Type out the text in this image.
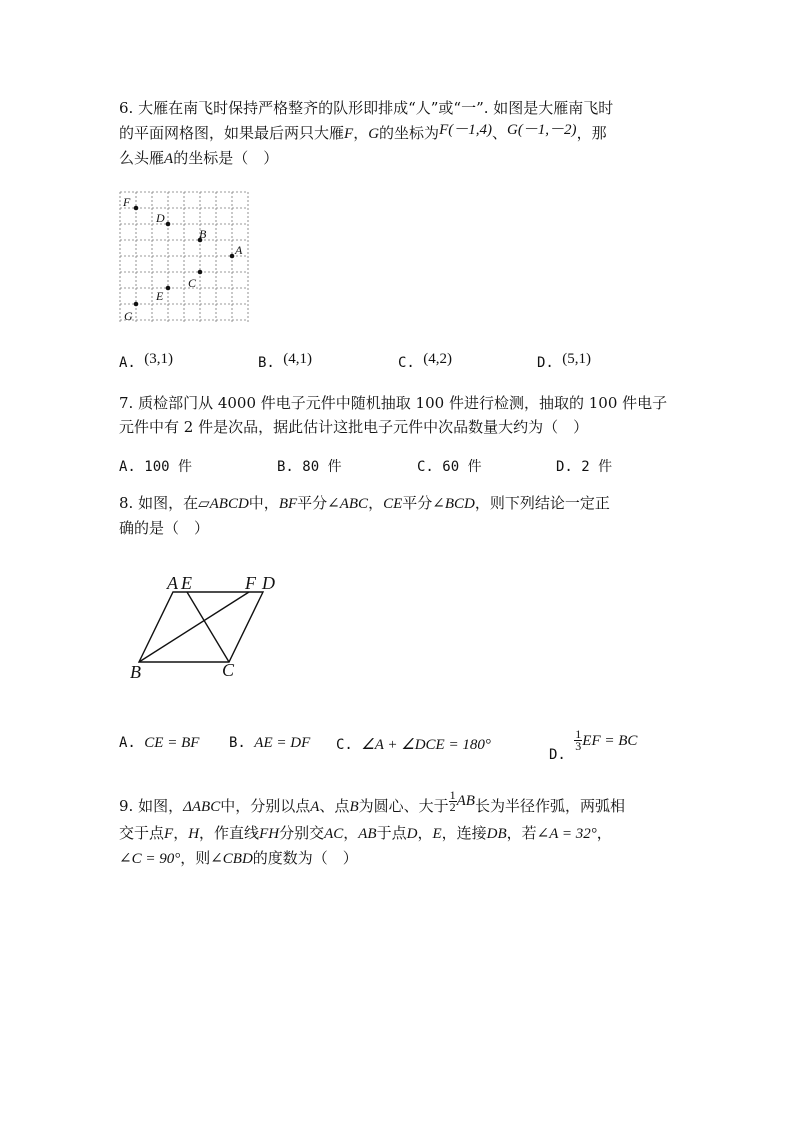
6. 大雁在南飞时保持严格整齐的队形即排成“人”或“一”. 如图是大雁南飞时
的平面网格图，如果最后两只大雁F，G的坐标为F(－1,4)、G(－1,－2)，那
么头雁A的坐标是（　）
F
D
B
A
C
E
G
A. (3,1)	B. (4,1)	C. (4,2)	D. (5,1)
7. 质检部门从 4000 件电子元件中随机抽取 100 件进行检测，抽取的 100 件电子
元件中有 2 件是次品，据此估计这批电子元件中次品数量大约为（　）
A. 100 件	B. 80 件	C. 60 件	D. 2 件
8. 如图，在▱ABCD中，BF平分∠ABC，CE平分∠BCD，则下列结论一定正
确的是（　）
A E	F D
B	C
A. CE = BF B. AE = DF C. ∠A + ∠DCE = 180°
D.
$\frac{1}{3}$ EF = BC
9. 如图，ΔABC中，分别以点A、点B为圆心、大于 $\frac{1}{2}$ AB长为半径作弧，两弧相
交于点F，H，作直线FH分别交AC，AB于点D，E，连接DB，若∠A = 32°，
∠C = 90°，则∠CBD的度数为（　）
